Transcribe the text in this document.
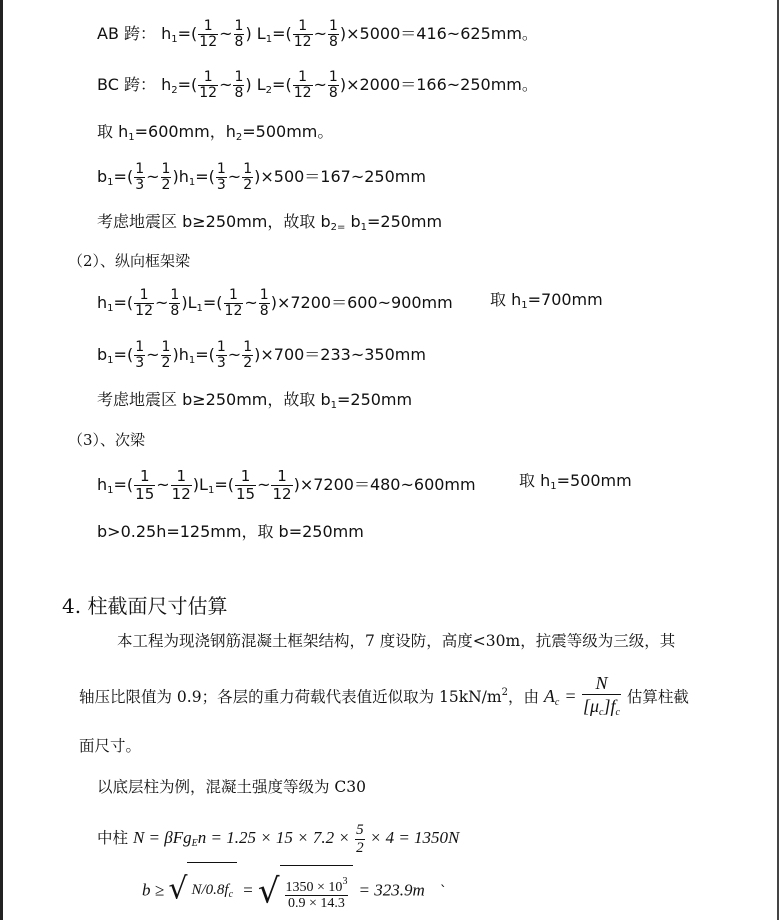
AB 跨： $h_1=( \frac{1}{12}$ ~ $\frac{1}{8}$ ) $L_1=( \frac{1}{12}$ ~ $\frac{1}{8}$ )×5000＝416~625mm。
BC 跨： $h_2=( \frac{1}{12}$ ~ $\frac{1}{8}$ ) $L_2=( \frac{1}{12}$ ~ $\frac{1}{8}$ )×2000＝166~250mm。
取 $h_1=600mm$，$h_2=500mm$。
$b_1=( \frac{1}{3}$ ~ $\frac{1}{2} )h_1=( \frac{1}{3}$ ~ $\frac{1}{2}$ )×500＝167~250mm
考虑地震区 b≥250mm，故取 $b_{2=}$ $b_1=250mm$
（2）、纵向框架梁
$h_1=( \frac{1}{12}$ ~ $\frac{1}{8} )L_1=( \frac{1}{12}$ ~ $\frac{1}{8}$ )×7200＝600~900mm 取 $h_1=700mm$
$b_1=( \frac{1}{3}$ ~ $\frac{1}{2} )h_1=( \frac{1}{3}$ ~ $\frac{1}{2}$ )×700＝233~350mm
考虑地震区 b≥250mm，故取 $b_1=250mm$
（3）、次梁
$h_1=( \frac{1}{15}$ ~ $\frac{1}{12} )L_1=( \frac{1}{15}$ ~ $\frac{1}{12}$ )×7200＝480~600mm	取 $h_1=500mm$
b>0.25h=125mm，取 b=250mm
4. 柱截面尺寸估算
本工程为现浇钢筋混凝土框架结构，7 度设防，高度<30m，抗震等级为三级，其
轴压比限值为 0.9；各层的重力荷载代表值近似取为 $15kN/m^2$，由 $A_c = \frac{N}{[\mu_c]f_c}$ 估算柱截
面尺寸。
以底层柱为例，混凝土强度等级为 C30
中柱 $N = \beta Fg_En = 1.25 \times 15 \times 7.2 \times \frac{5}{2} \times 4 = 1350N$
b ≥ √ $N/0.8f_c$ = √ $\frac{1350 \times 10^3}{0.9 \times 14.3} = 323.9m$ `
